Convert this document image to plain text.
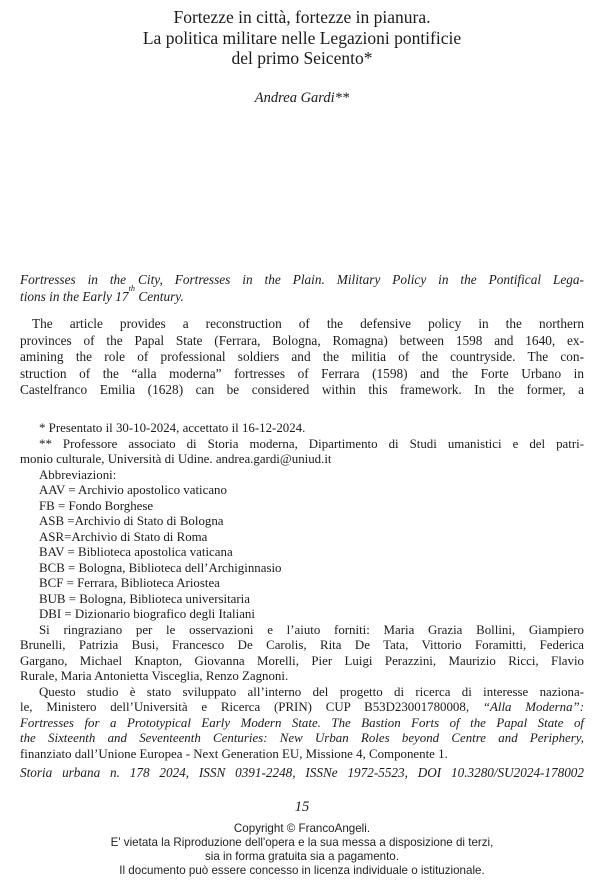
Fortezze in città, fortezze in pianura.
La politica militare nelle Legazioni pontificie
del primo Seicento*
Andrea Gardi**
Fortresses in the City, Fortresses in the Plain. Military Policy in the Pontifical Lega-
tions in the Early 17th Century.
The article provides a reconstruction of the defensive policy in the northern
provinces of the Papal State (Ferrara, Bologna, Romagna) between 1598 and 1640, ex-
amining the role of professional soldiers and the militia of the countryside. The con-
struction of the “alla moderna” fortresses of Ferrara (1598) and the Forte Urbano in
Castelfranco Emilia (1628) can be considered within this framework. In the former, a
* Presentato il 30-10-2024, accettato il 16-12-2024.
** Professore associato di Storia moderna, Dipartimento di Studi umanistici e del patri-
monio culturale, Università di Udine. andrea.gardi@uniud.it
Abbreviazioni:
AAV = Archivio apostolico vaticano
FB = Fondo Borghese
ASB =Archivio di Stato di Bologna
ASR=Archivio di Stato di Roma
BAV = Biblioteca apostolica vaticana
BCB = Bologna, Biblioteca dell’Archiginnasio
BCF = Ferrara, Biblioteca Ariostea
BUB = Bologna, Biblioteca universitaria
DBI = Dizionario biografico degli Italiani
Si ringraziano per le osservazioni e l’aiuto forniti: Maria Grazia Bollini, Giampiero
Brunelli, Patrizia Busi, Francesco De Carolis, Rita De Tata, Vittorio Foramitti, Federica
Gargano, Michael Knapton, Giovanna Morelli, Pier Luigi Perazzini, Maurizio Ricci, Flavio
Rurale, Maria Antonietta Visceglia, Renzo Zagnoni.
Questo studio è stato sviluppato all’interno del progetto di ricerca di interesse naziona-
le, Ministero dell’Università e Ricerca (PRIN) CUP B53D23001780008, “Alla Moderna”:
Fortresses for a Prototypical Early Modern State. The Bastion Forts of the Papal State of
the Sixteenth and Seventeenth Centuries: New Urban Roles beyond Centre and Periphery,
finanziato dall’Unione Europea - Next Generation EU, Missione 4, Componente 1.
Storia urbana n. 178 2024, ISSN 0391-2248, ISSNe 1972-5523, DOI 10.3280/SU2024-178002
15
Copyright © FrancoAngeli.
E' vietata la Riproduzione dell'opera e la sua messa a disposizione di terzi,
sia in forma gratuita sia a pagamento.
Il documento può essere concesso in licenza individuale o istituzionale.
